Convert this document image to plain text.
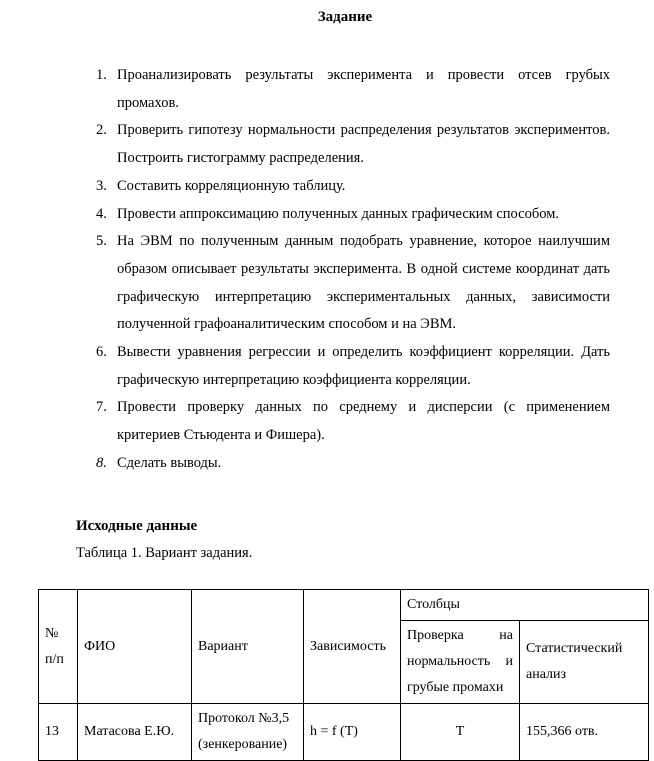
Задание
1. Проанализировать результаты эксперимента и провести отсев грубых промахов.
2. Проверить гипотезу нормальности распределения результатов экспериментов. Построить гистограмму распределения.
3. Составить корреляционную таблицу.
4. Провести аппроксимацию полученных данных графическим способом.
5. На ЭВМ по полученным данным подобрать уравнение, которое наилучшим образом описывает результаты эксперимента. В одной системе координат дать графическую интерпретацию экспериментальных данных, зависимости полученной графоаналитическим способом и на ЭВМ.
6. Вывести уравнения регрессии и определить коэффициент корреляции. Дать графическую интерпретацию коэффициента корреляции.
7. Провести проверку данных по среднему и дисперсии (с применением критериев Стьюдента и Фишера).
8. Сделать выводы.
Исходные данные
Таблица 1. Вариант задания.
№ п/п	ФИО	Вариант	Зависимость	Столбцы	
				Проверка на нормальность и грубые промахи	Статистический анализ
13	Матасова Е.Ю.	Протокол №3,5 (зенкерование)	h = f (T)	T	155,366 отв.
